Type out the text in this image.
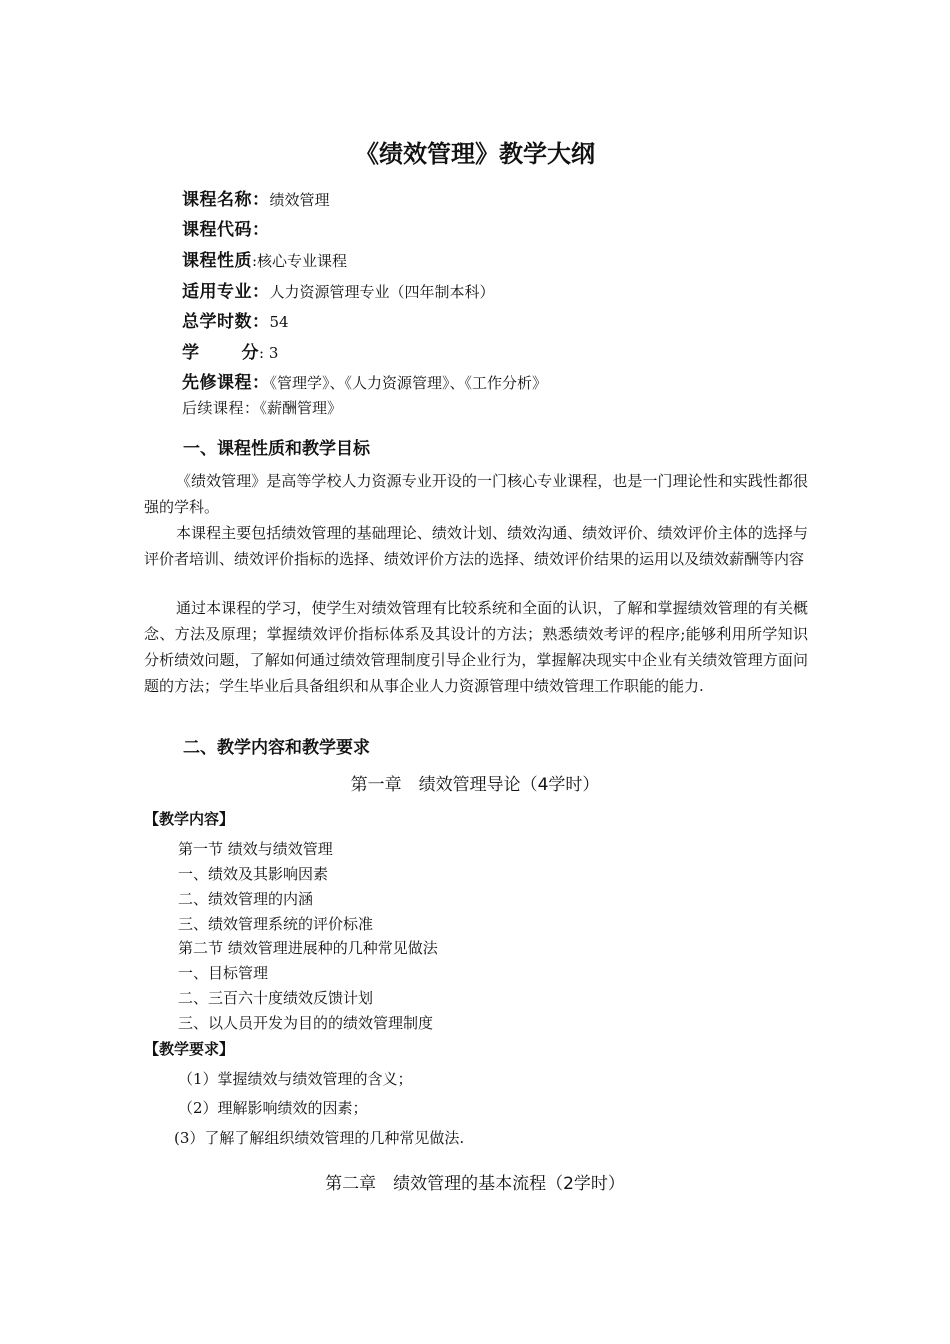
《绩效管理》教学大纲
课程名称：绩效管理
课程代码：
课程性质:核心专业课程
适用专业：人力资源管理专业（四年制本科）
总学时数：54
学 分: 3
先修课程：《管理学》、《人力资源管理》、《工作分析》
后续课程：《薪酬管理》
一、课程性质和教学目标
《绩效管理》是高等学校人力资源专业开设的一门核心专业课程，也是一门理论性和实践性都很强的学科。
本课程主要包括绩效管理的基础理论、绩效计划、绩效沟通、绩效评价、绩效评价主体的选择与评价者培训、绩效评价指标的选择、绩效评价方法的选择、绩效评价结果的运用以及绩效薪酬等内容
通过本课程的学习，使学生对绩效管理有比较系统和全面的认识，了解和掌握绩效管理的有关概念、方法及原理；掌握绩效评价指标体系及其设计的方法；熟悉绩效考评的程序;能够利用所学知识分析绩效问题，了解如何通过绩效管理制度引导企业行为，掌握解决现实中企业有关绩效管理方面问题的方法；学生毕业后具备组织和从事企业人力资源管理中绩效管理工作职能的能力.
二、教学内容和教学要求
第一章　绩效管理导论（4学时）
【教学内容】
第一节 绩效与绩效管理
一、绩效及其影响因素
二、绩效管理的内涵
三、绩效管理系统的评价标准
第二节 绩效管理进展种的几种常见做法
一、目标管理
二、三百六十度绩效反馈计划
三、以人员开发为目的的绩效管理制度
【教学要求】
（1）掌握绩效与绩效管理的含义；
（2）理解影响绩效的因素；
(3）了解了解组织绩效管理的几种常见做法.
第二章　绩效管理的基本流程（2学时）
